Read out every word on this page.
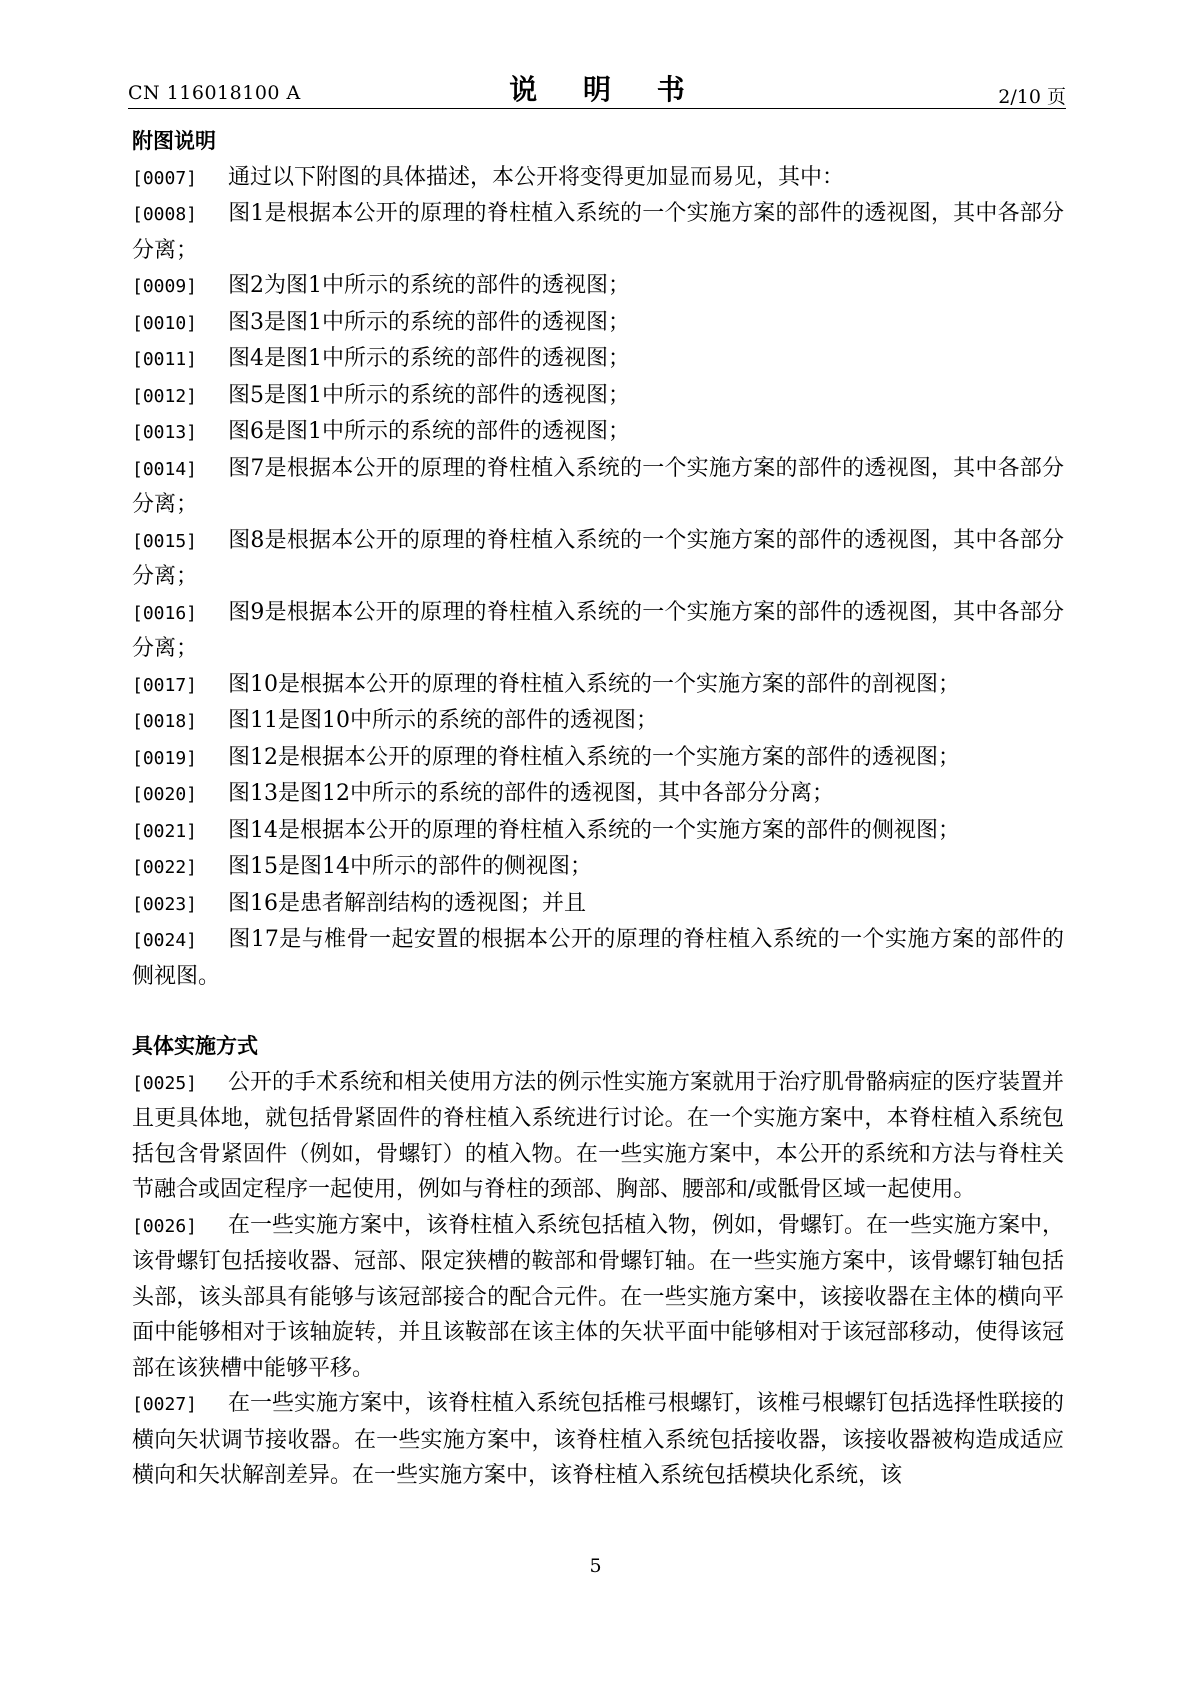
CN 116018100 A	说 明 书	2/10 页
附图说明
[0007] 通过以下附图的具体描述，本公开将变得更加显而易见，其中：
[0008] 图1是根据本公开的原理的脊柱植入系统的一个实施方案的部件的透视图，其中各部分分离；
[0009] 图2为图1中所示的系统的部件的透视图；
[0010] 图3是图1中所示的系统的部件的透视图；
[0011] 图4是图1中所示的系统的部件的透视图；
[0012] 图5是图1中所示的系统的部件的透视图；
[0013] 图6是图1中所示的系统的部件的透视图；
[0014] 图7是根据本公开的原理的脊柱植入系统的一个实施方案的部件的透视图，其中各部分分离；
[0015] 图8是根据本公开的原理的脊柱植入系统的一个实施方案的部件的透视图，其中各部分分离；
[0016] 图9是根据本公开的原理的脊柱植入系统的一个实施方案的部件的透视图，其中各部分分离；
[0017] 图10是根据本公开的原理的脊柱植入系统的一个实施方案的部件的剖视图；
[0018] 图11是图10中所示的系统的部件的透视图；
[0019] 图12是根据本公开的原理的脊柱植入系统的一个实施方案的部件的透视图；
[0020] 图13是图12中所示的系统的部件的透视图，其中各部分分离；
[0021] 图14是根据本公开的原理的脊柱植入系统的一个实施方案的部件的侧视图；
[0022] 图15是图14中所示的部件的侧视图；
[0023] 图16是患者解剖结构的透视图；并且
[0024] 图17是与椎骨一起安置的根据本公开的原理的脊柱植入系统的一个实施方案的部件的侧视图。
具体实施方式
[0025] 公开的手术系统和相关使用方法的例示性实施方案就用于治疗肌骨骼病症的医疗装置并且更具体地，就包括骨紧固件的脊柱植入系统进行讨论。在一个实施方案中，本脊柱植入系统包括包含骨紧固件（例如，骨螺钉）的植入物。在一些实施方案中，本公开的系统和方法与脊柱关节融合或固定程序一起使用，例如与脊柱的颈部、胸部、腰部和/或骶骨区域一起使用。
[0026] 在一些实施方案中，该脊柱植入系统包括植入物，例如，骨螺钉。在一些实施方案中，该骨螺钉包括接收器、冠部、限定狭槽的鞍部和骨螺钉轴。在一些实施方案中，该骨螺钉轴包括头部，该头部具有能够与该冠部接合的配合元件。在一些实施方案中，该接收器在主体的横向平面中能够相对于该轴旋转，并且该鞍部在该主体的矢状平面中能够相对于该冠部移动，使得该冠部在该狭槽中能够平移。
[0027] 在一些实施方案中，该脊柱植入系统包括椎弓根螺钉，该椎弓根螺钉包括选择性联接的横向矢状调节接收器。在一些实施方案中，该脊柱植入系统包括接收器，该接收器被构造成适应横向和矢状解剖差异。在一些实施方案中，该脊柱植入系统包括模块化系统，该
5
